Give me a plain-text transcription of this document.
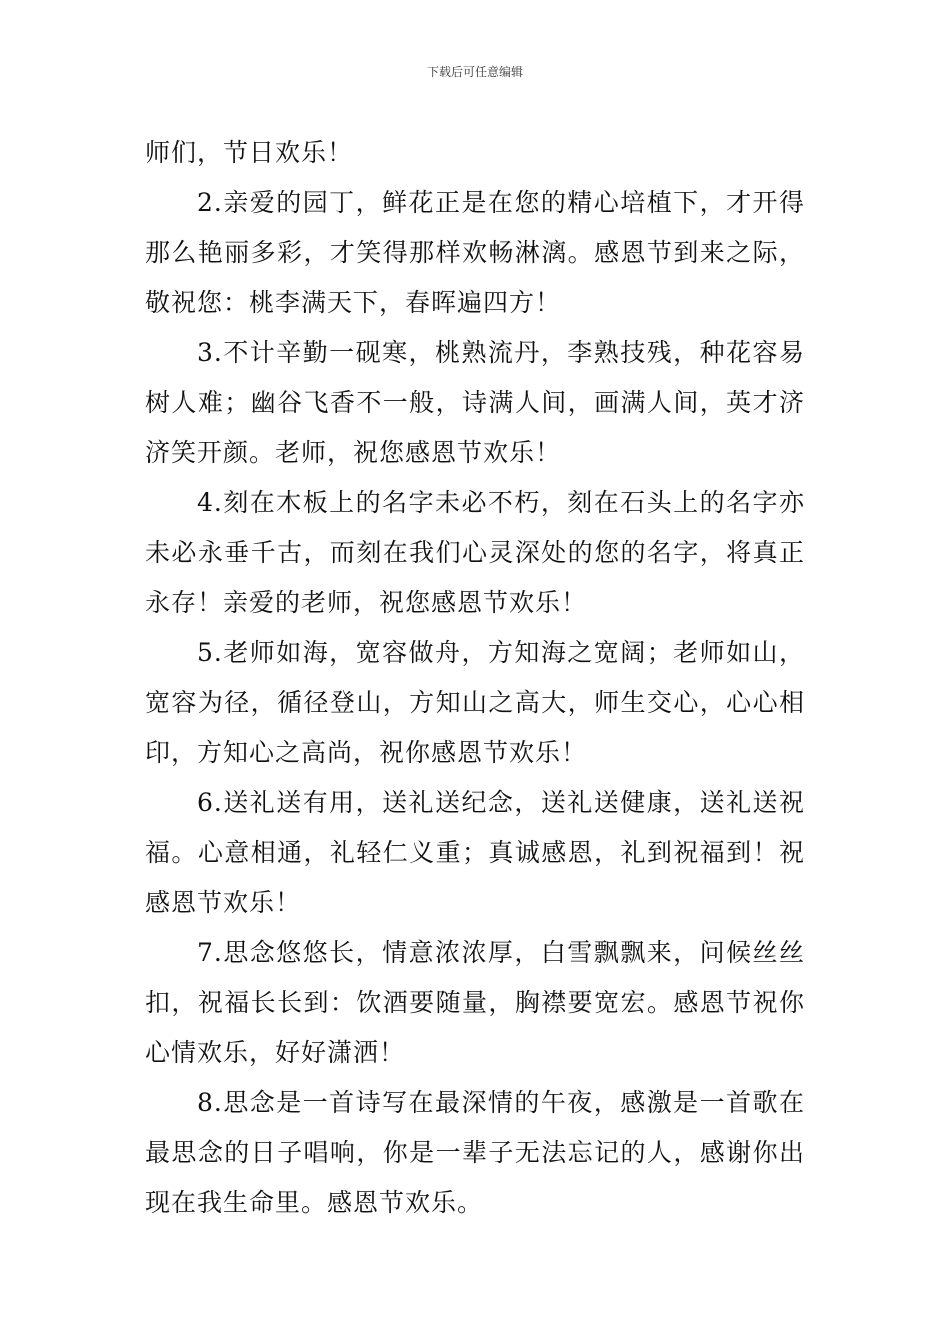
下载后可任意编辑

师们，节日欢乐！

2.亲爱的园丁，鲜花正是在您的精心培植下，才开得那么艳丽多彩，才笑得那样欢畅淋漓。感恩节到来之际，敬祝您：桃李满天下，春晖遍四方！

3.不计辛勤一砚寒，桃熟流丹，李熟技残，种花容易树人难；幽谷飞香不一般，诗满人间，画满人间，英才济济笑开颜。老师，祝您感恩节欢乐！

4.刻在木板上的名字未必不朽，刻在石头上的名字亦未必永垂千古，而刻在我们心灵深处的您的名字，将真正永存！亲爱的老师，祝您感恩节欢乐！

5.老师如海，宽容做舟，方知海之宽阔；老师如山，宽容为径，循径登山，方知山之高大，师生交心，心心相印，方知心之高尚，祝你感恩节欢乐！

6.送礼送有用，送礼送纪念，送礼送健康，送礼送祝福。心意相通，礼轻仁义重；真诚感恩，礼到祝福到！祝感恩节欢乐！

7.思念悠悠长，情意浓浓厚，白雪飘飘来，问候丝丝扣，祝福长长到：饮酒要随量，胸襟要宽宏。感恩节祝你心情欢乐，好好潇洒！

8.思念是一首诗写在最深情的午夜，感激是一首歌在最思念的日子唱响，你是一辈子无法忘记的人，感谢你出现在我生命里。感恩节欢乐。
